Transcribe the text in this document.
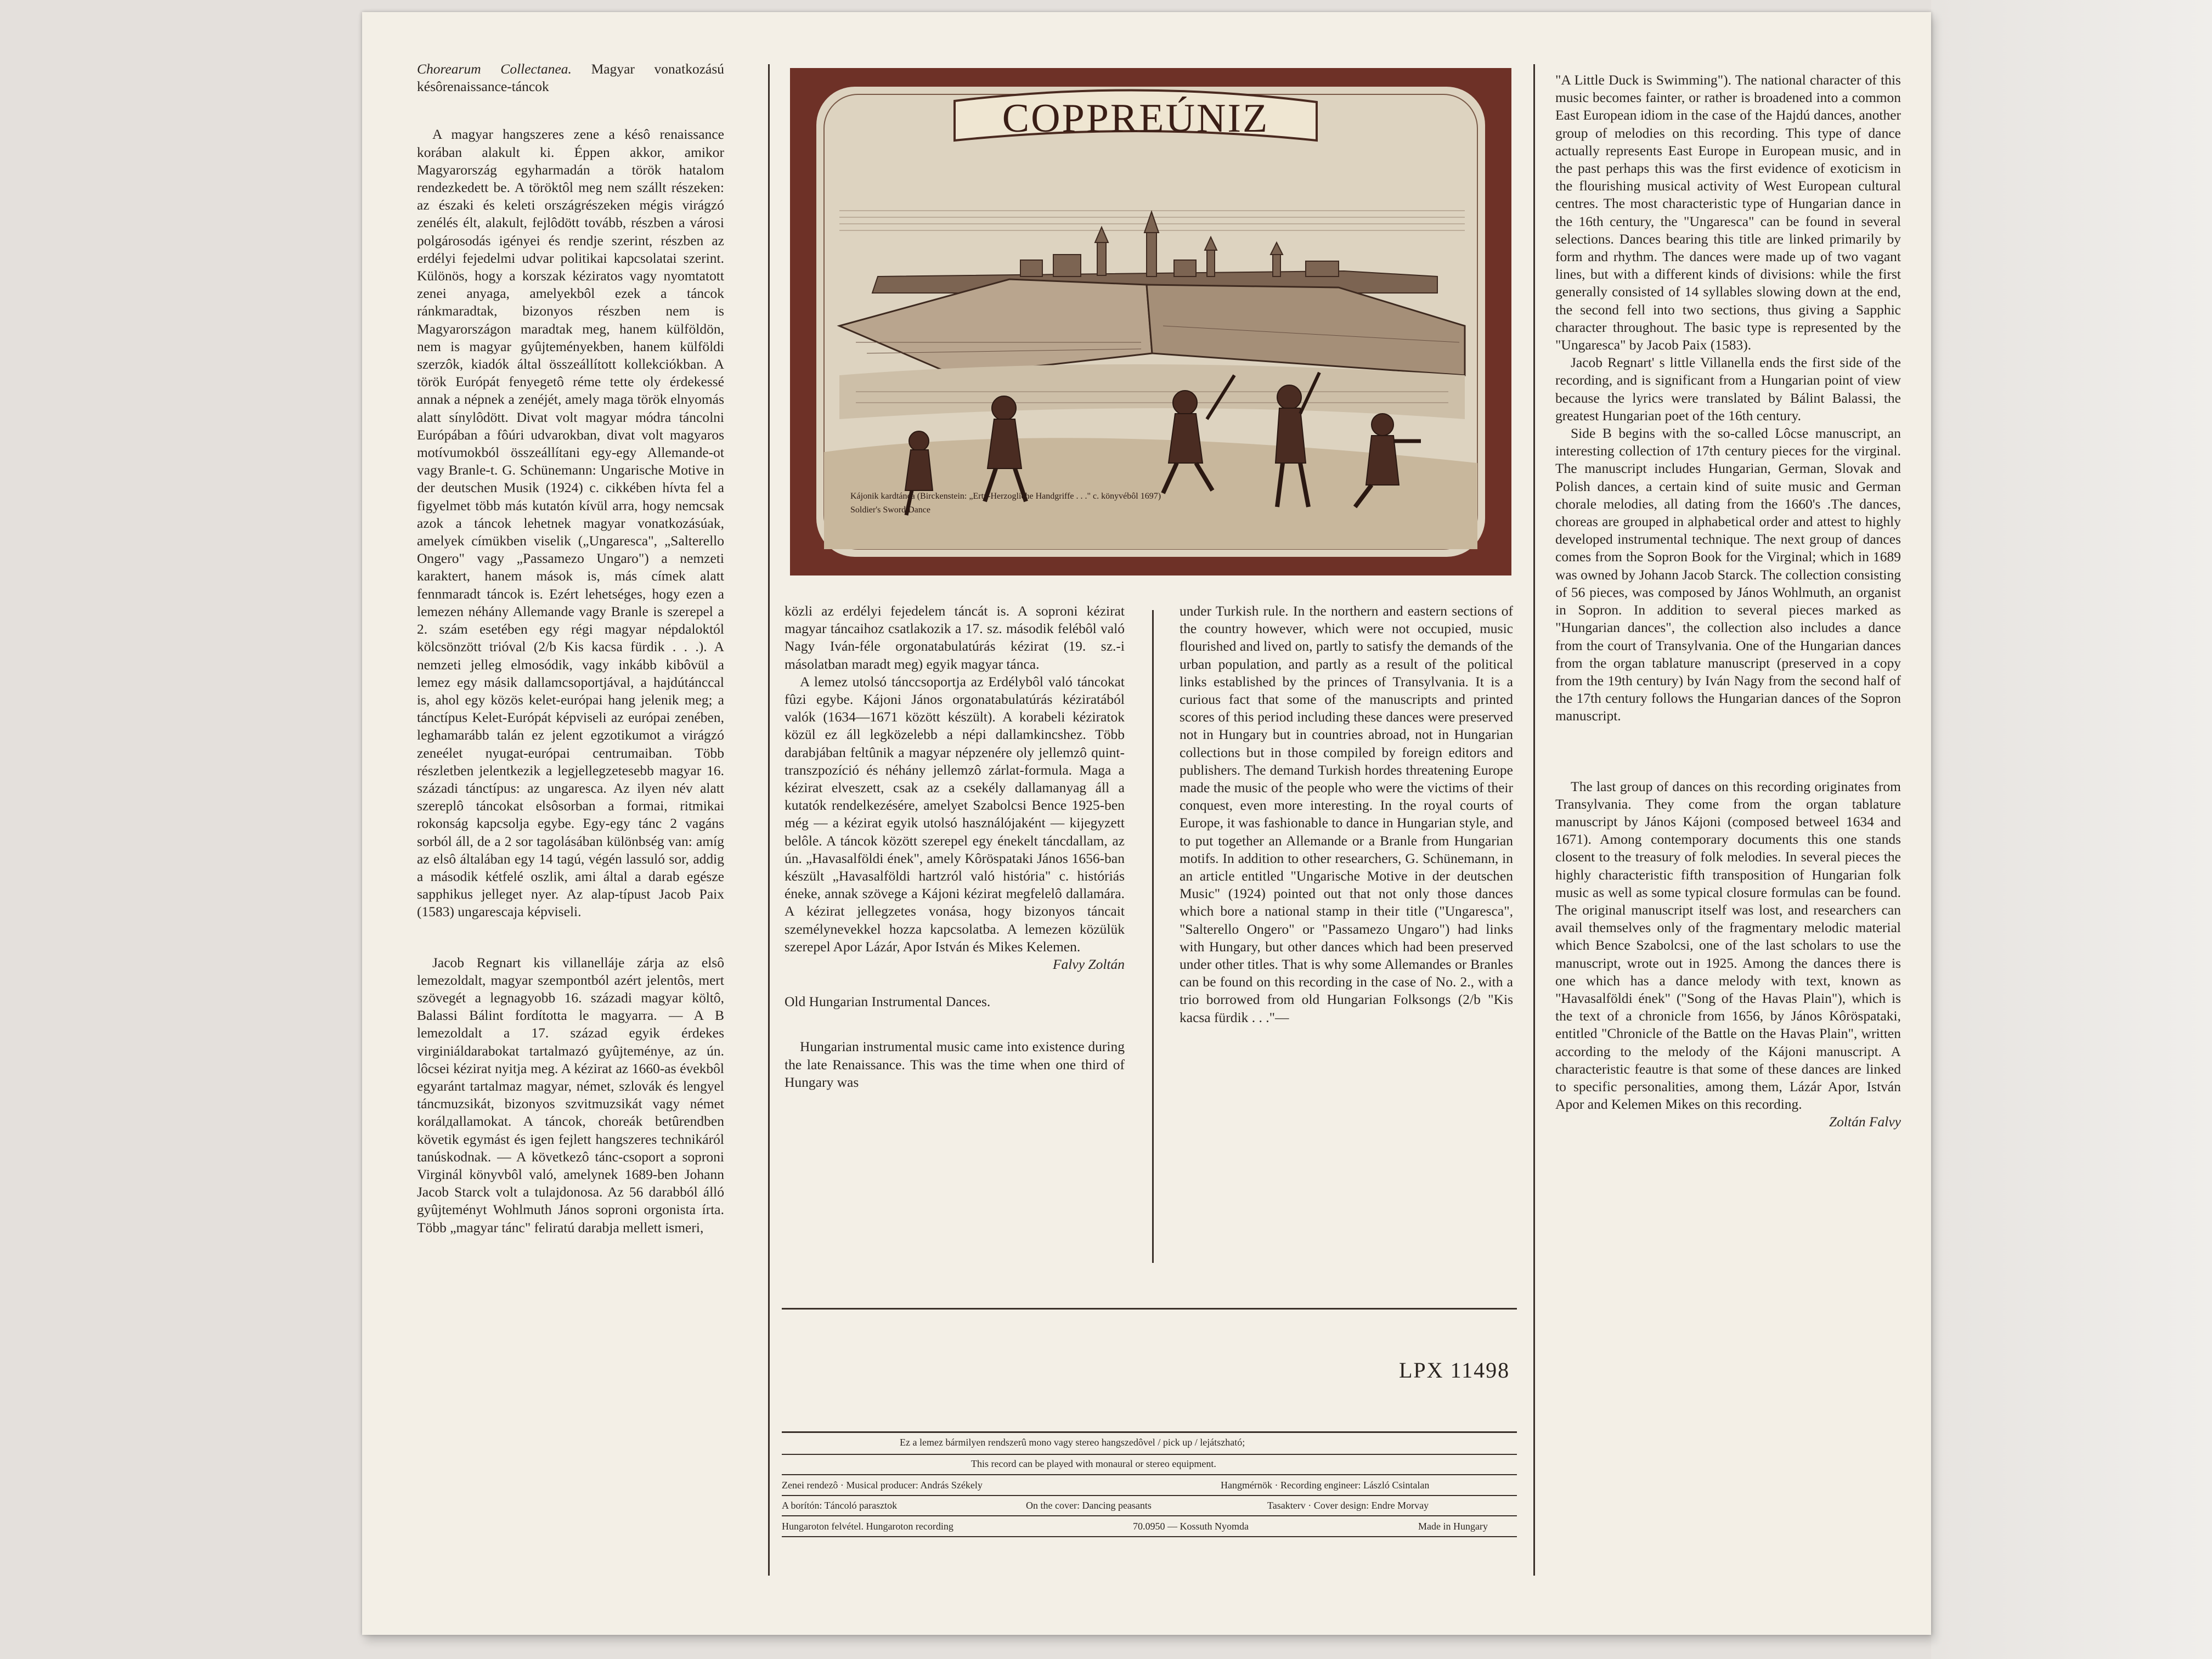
Chorearum Collectanea. Magyar vonatkozású késôrenaissance-táncok

A magyar hangszeres zene a késô renaissance korában alakult ki. Éppen akkor, amikor Magyarország egyharmadán a török hatalom rendezkedett be. A töröktôl meg nem szállt részeken: az északi és keleti országrészeken mégis virágzó zenélés élt, alakult, fejlôdött tovább, részben a városi polgárosodás igényei és rendje szerint, részben az erdélyi fejedelmi udvar politikai kapcsolatai szerint. Különös, hogy a korszak kéziratos vagy nyomtatott zenei anyaga, amelyekbôl ezek a táncok ránkmaradtak, bizonyos részben nem is Magyarországon maradtak meg, hanem külföldön, nem is magyar gyûjteményekben, hanem külföldi szerzôk, kiadók által összeállított kollekciókban. A török Európát fenyegetô réme tette oly érdekessé annak a népnek a zenéjét, amely maga török elnyomás alatt sínylôdött. Divat volt magyar módra táncolni Európában a fôúri udvarokban, divat volt magyaros motívumokból összeállítani egy-egy Allemande-ot vagy Branle-t. G. Schünemann: Ungarische Motive in der deutschen Musik (1924) c. cikkében hívta fel a figyelmet több más kutatón kívül arra, hogy nemcsak azok a táncok lehetnek magyar vonatkozásúak, amelyek címükben viselik („Ungaresca", „Salterello Ongero" vagy „Passamezo Ungaro") a nemzeti karaktert, hanem mások is, más címek alatt fennmaradt táncok is. Ezért lehetséges, hogy ezen a lemezen néhány Allemande vagy Branle is szerepel a 2. szám esetében egy régi magyar népdaloktól kölcsönzött trióval (2/b Kis kacsa fürdik . . .). A nemzeti jelleg elmosódik, vagy inkább kibôvül a lemez egy másik dallamcsoportjával, a hajdútánccal is, ahol egy közös kelet-európai hang jelenik meg; a tánctípus Kelet-Európát képviseli az európai zenében, leghamarább talán ez jelent egzotikumot a virágzó zeneélet nyugat-európai centrumaiban. Több részletben jelentkezik a legjellegzetesebb magyar 16. századi tánctípus: az ungaresca. Az ilyen név alatt szereplô táncokat elsôsorban a formai, ritmikai rokonság kapcsolja egybe. Egy-egy tánc 2 vagáns sorból áll, de a 2 sor tagolásában különbség van: amíg az elsô általában egy 14 tagú, végén lassuló sor, addig a második kétfelé oszlik, ami által a darab egésze sapphikus jelleget nyer. Az alap-típust Jacob Paix (1583) ungarescaja képviseli.

Jacob Regnart kis villanelláje zárja az elsô lemezoldalt, magyar szempontból azért jelentôs, mert szövegét a legnagyobb 16. századi magyar költô, Balassi Bálint fordította le magyarra. — A B lemezoldalt a 17. század egyik érdekes virginiáldarabokat tartalmazó gyûjteménye, az ún. lôcsei kézirat nyitja meg. A kézirat az 1660-as évekbôl egyaránt tartalmaz magyar, német, szlovák és lengyel táncmuzsikát, bizonyos szvitmuzsikát vagy német korálдallamokat. A táncok, choreák betûrendben követik egymást és igen fejlett hangszeres technikáról tanúskodnak. — A következô tánc-csoport a soproni Virginál könyvbôl való, amelynek 1689-ben Johann Jacob Starck volt a tulajdonosa. Az 56 darabból álló gyûjteményt Wohlmuth János soproni orgonista írta. Több „magyar tánc" feliratú darabja mellett ismeri,

COPPREÚNIZ
Kájonik kardtánca (Birckenstein: „Ertz-Herzogliche Handgriffe . . ." c. könyvébôl 1697)
Soldier's Sword Dance

közli az erdélyi fejedelem táncát is. A soproni kézirat magyar táncaihoz csatlakozik a 17. sz. második felébôl való Nagy Iván-féle orgonatabulatúrás kézirat (19. sz.-i másolatban maradt meg) egyik magyar tánca.

A lemez utolsó tánccsoportja az Erdélybôl való táncokat fûzi egybe. Kájoni János orgonatabulatúrás kéziratából valók (1634—1671 között készült). A korabeli kéziratok közül ez áll legközelebb a népi dallamkincshez. Több darabjában feltûnik a magyar népzenére oly jellemzô quint-transzpozíció és néhány jellemzô zárlat-formula. Maga a kézirat elveszett, csak az a csekély dallamanyag áll a kutatók rendelkezésére, amelyet Szabolcsi Bence 1925-ben még — a kézirat egyik utolsó használójaként — kijegyzett belôle. A táncok között szerepel egy énekelt tánсdallam, az ún. „Havasalföldi ének", amely Kôröspataki János 1656-ban készült „Havasalföldi hartzról való história" c. históriás éneke, annak szövege a Kájoni kézirat megfelelô dallamára. A kézirat jellegzetes vonása, hogy bizonyos táncait személynevekkel hozza kapcsolatba. A lemezen közülük szerepel Apor Lázár, Apor István és Mikes Kelemen.

Falvy Zoltán

Old Hungarian Instrumental Dances.

Hungarian instrumental music came into existence during the late Renaissance. This was the time when one third of Hungary was

under Turkish rule. In the northern and eastern sections of the country however, which were not occupied, music flourished and lived on, partly to satisfy the demands of the urban population, and partly as a result of the political links established by the princes of Transylvania. It is a curious fact that some of the manuscripts and printed scores of this period including these dances were preserved not in Hungary but in countries abroad, not in Hungarian collections but in those compiled by foreign editors and publishers. The demand Turkish hordes threatening Europe made the music of the people who were the victims of their conquest, even more interesting. In the royal courts of Europe, it was fashionable to dance in Hungarian style, and to put together an Allemande or a Branle from Hungarian motifs. In addition to other researchers, G. Schünemann, in an article entitled "Ungarische Motive in der deutschen Music" (1924) pointed out that not only those dances which bore a national stamp in their title ("Ungaresca", "Salterello Ongero" or "Passamezo Ungaro") had links with Hungary, but other dances which had been preserved under other titles. That is why some Allemandes or Branles can be found on this recording in the case of No. 2., with a trio borrowed from old Hungarian Folksongs (2/b "Kis kacsa fürdik . . ."—

"A Little Duck is Swimming"). The national character of this music becomes fainter, or rather is broadened into a common East European idiom in the case of the Hajdú dances, another group of melodies on this recording. This type of dance actually represents East Europe in European music, and in the past perhaps this was the first evidence of exoticism in the flourishing musical activity of West European cultural centres. The most characteristic type of Hungarian dance in the 16th century, the "Ungaresca" can be found in several selections. Dances bearing this title are linked primarily by form and rhythm. The dances were made up of two vagant lines, but with a different kinds of divisions: while the first generally consisted of 14 syllables slowing down at the end, the second fell into two sections, thus giving a Sapphic character throughout. The basic type is represented by the "Ungaresca" by Jacob Paix (1583).

Jacob Regnart' s little Villanella ends the first side of the recording, and is significant from a Hungarian point of view because the lyrics were translated by Bálint Balassi, the greatest Hungarian poet of the 16th century.

Side B begins with the so-called Lôcse manuscript, an interesting collection of 17th century pieces for the virginal. The manuscript includes Hungarian, German, Slovak and Polish dances, a certain kind of suite music and German chorale melodies, all dating from the 1660's .The dances, choreas are grouped in alphabetical order and attest to highly developed instrumental technique. The next group of dances comes from the Sopron Book for the Virginal; which in 1689 was owned by Johann Jacob Starck. The collection consisting of 56 pieces, was composed by János Wohlmuth, an organist in Sopron. In addition to several pieces marked as "Hungarian dances", the collection also includes a dance from the court of Transylvania. One of the Hungarian dances from the organ tablature manuscript (preserved in a copy from the 19th century) by Iván Nagy from the second half of the 17th century follows the Hungarian dances of the Sopron manuscript.

The last group of dances on this recording originates from Transylvania. They come from the organ tablature manuscript by János Kájoni (composed betweel 1634 and 1671). Among contemporary documents this one stands closent to the treasury of folk melodies. In several pieces the highly characteristic fifth transposition of Hungarian folk music as well as some typical closure formulas can be found. The original manuscript itself was lost, and researchers can avail themselves only of the fragmentary melodic material which Bence Szabolcsi, one of the last scholars to use the manuscript, wrote out in 1925. Among the dances there is one which has a dance melody with text, known as "Havasalföldi ének" ("Song of the Havas Plain"), which is the text of a chronicle from 1656, by János Kôröspataki, entitled "Chronicle of the Battle on the Havas Plain", written according to the melody of the Kájoni manuscript. A characteristic feautre is that some of these dances are linked to specific personalities, among them, Lázár Apor, István Apor and Kelemen Mikes on this recording.

Zoltán Falvy

LPX 11498
Ez a lemez bármilyen rendszerû mono vagy stereo hangszedôvel / pick up / lejátszható;
This record can be played with monaural or stereo equipment.
Zenei rendezô · Musical producer: András Székely	Hangmérnök · Recording engineer: László Csintalan
A borítón: Táncoló parasztok	On the cover: Dancing peasants	Tasakterv · Cover design: Endre Morvay
Hungaroton felvétel. Hungaroton recording	70.0950 — Kossuth Nyomda	Made in Hungary
